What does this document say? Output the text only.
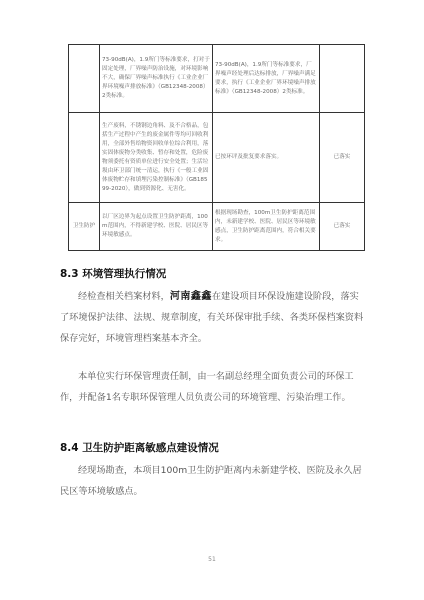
	73-90dB(A)，1.9所门等标准要求，打对于固定处理，厂界噪声防治设施，对环境影响不大，确保厂界噪声标准执行《工业企业厂界环境噪声排放标准》（GB12348-2008）2类标准。	73-90dB(A)，1.9所门等标准要求，厂界噪声经处理后达标排放，厂界噪声满足要求，执行《工业企业厂界环境噪声排放标准》（GB12348-2008）2类标准。	
	生产废料，不锈钢边角料、及不合格品，包括生产过程中产生的废金属件等均可回收利用，全部外售给物资回收单位综合利用，落实固体废物分类收集、暂存和处置，危险废物须委托有资质单位进行安全处置；生活垃圾由环卫部门统一清运，执行《一般工业固体废物贮存和填埋污染控制标准》（GB18599-2020），做到资源化、无害化。	已按环评及批复要求落实。	已落实
卫生防护	以厂区边界为起点设置卫生防护距离，100m范围内，不得新建学校、医院、居民区等环境敏感点。	根据现场勘查，100m卫生防护距离范围内，未新建学校、医院、居民区等环境敏感点，卫生防护距离范围内，符合相关要求。	已落实
8.3 环境管理执行情况
经检查相关档案材料，河南鑫鑫在建设项目环保设施建设阶段，落实了环境保护法律、法规、规章制度，有关环保审批手续、各类环保档案资料保存完好，环境管理档案基本齐全。
本单位实行环保管理责任制，由一名副总经理全面负责公司的环保工作，并配备1名专职环保管理人员负责公司的环境管理、污染治理工作。
8.4 卫生防护距离敏感点建设情况
经现场勘查，本项目100m卫生防护距离内未新建学校、医院及永久居民区等环境敏感点。
51
